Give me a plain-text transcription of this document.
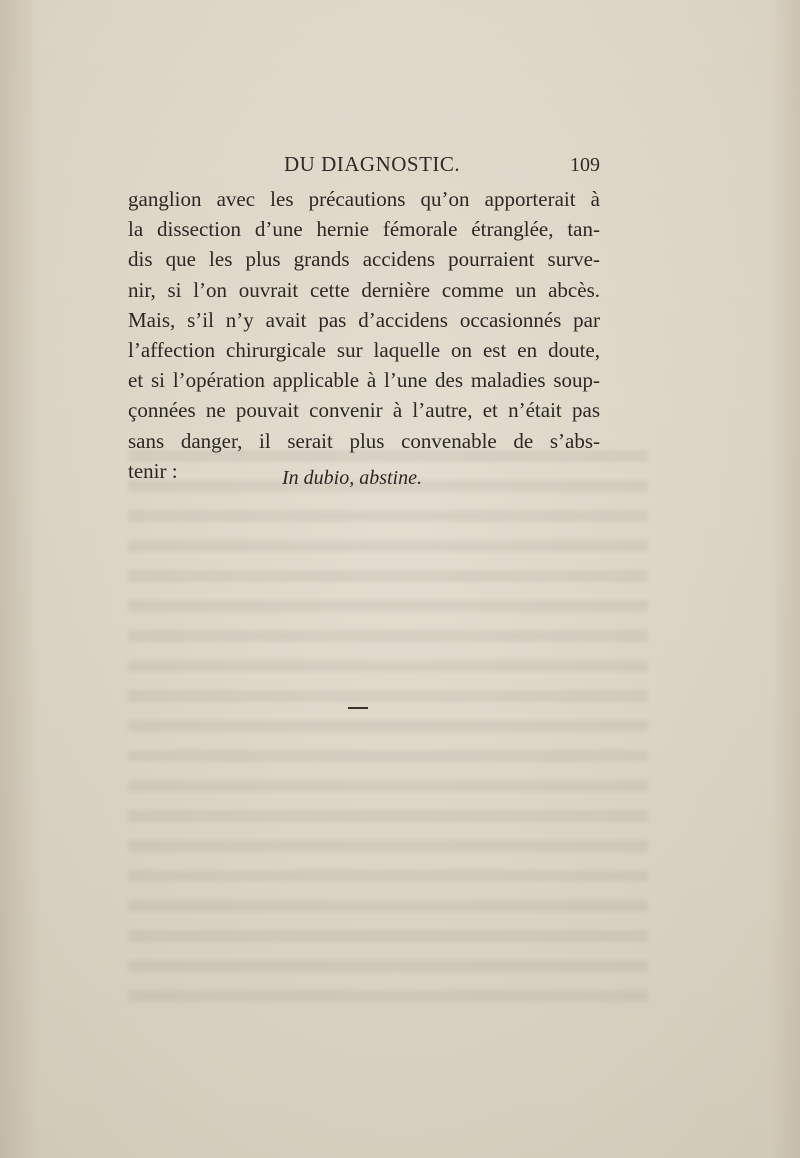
DU DIAGNOSTIC.	109
ganglion avec les précautions qu’on apporterait à
la dissection d’une hernie fémorale étranglée, tan-
dis que les plus grands accidens pourraient surve-
nir, si l’on ouvrait cette dernière comme un abcès.
Mais, s’il n’y avait pas d’accidens occasionnés par
l’affection chirurgicale sur laquelle on est en doute,
et si l’opération applicable à l’une des maladies soup-
çonnées ne pouvait convenir à l’autre, et n’était pas
sans danger, il serait plus convenable de s’abs-
tenir :	In dubio, abstine.
